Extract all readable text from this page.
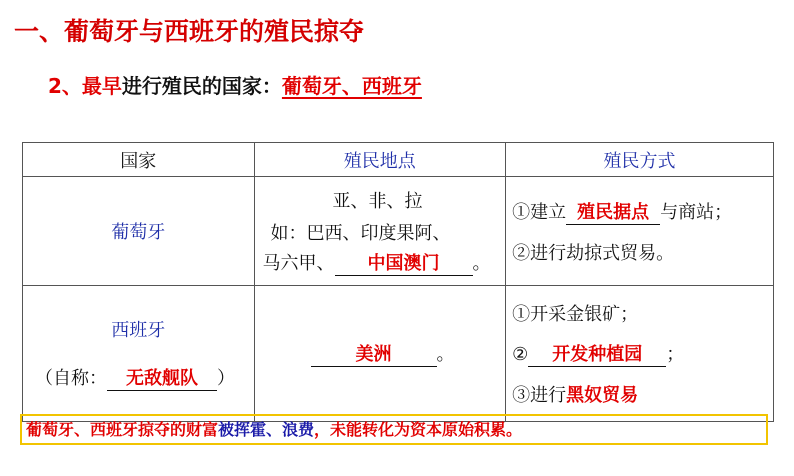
一、葡萄牙与西班牙的殖民掠夺
2、最早进行殖民的国家：葡萄牙、西班牙
国家	殖民地点	殖民方式
葡萄牙	亚、非、拉
如：巴西、印度果阿、
马六甲、 中国澳门 。	①建立 殖民据点 与商站；
②进行劫掠式贸易。

西班牙
（自称： 无敌舰队 ）	美洲 。	①开采金银矿；
② 开发种植园 ；
③进行黑奴贸易
葡萄牙、西班牙掠夺的财富被挥霍、浪费，未能转化为资本原始积累。
